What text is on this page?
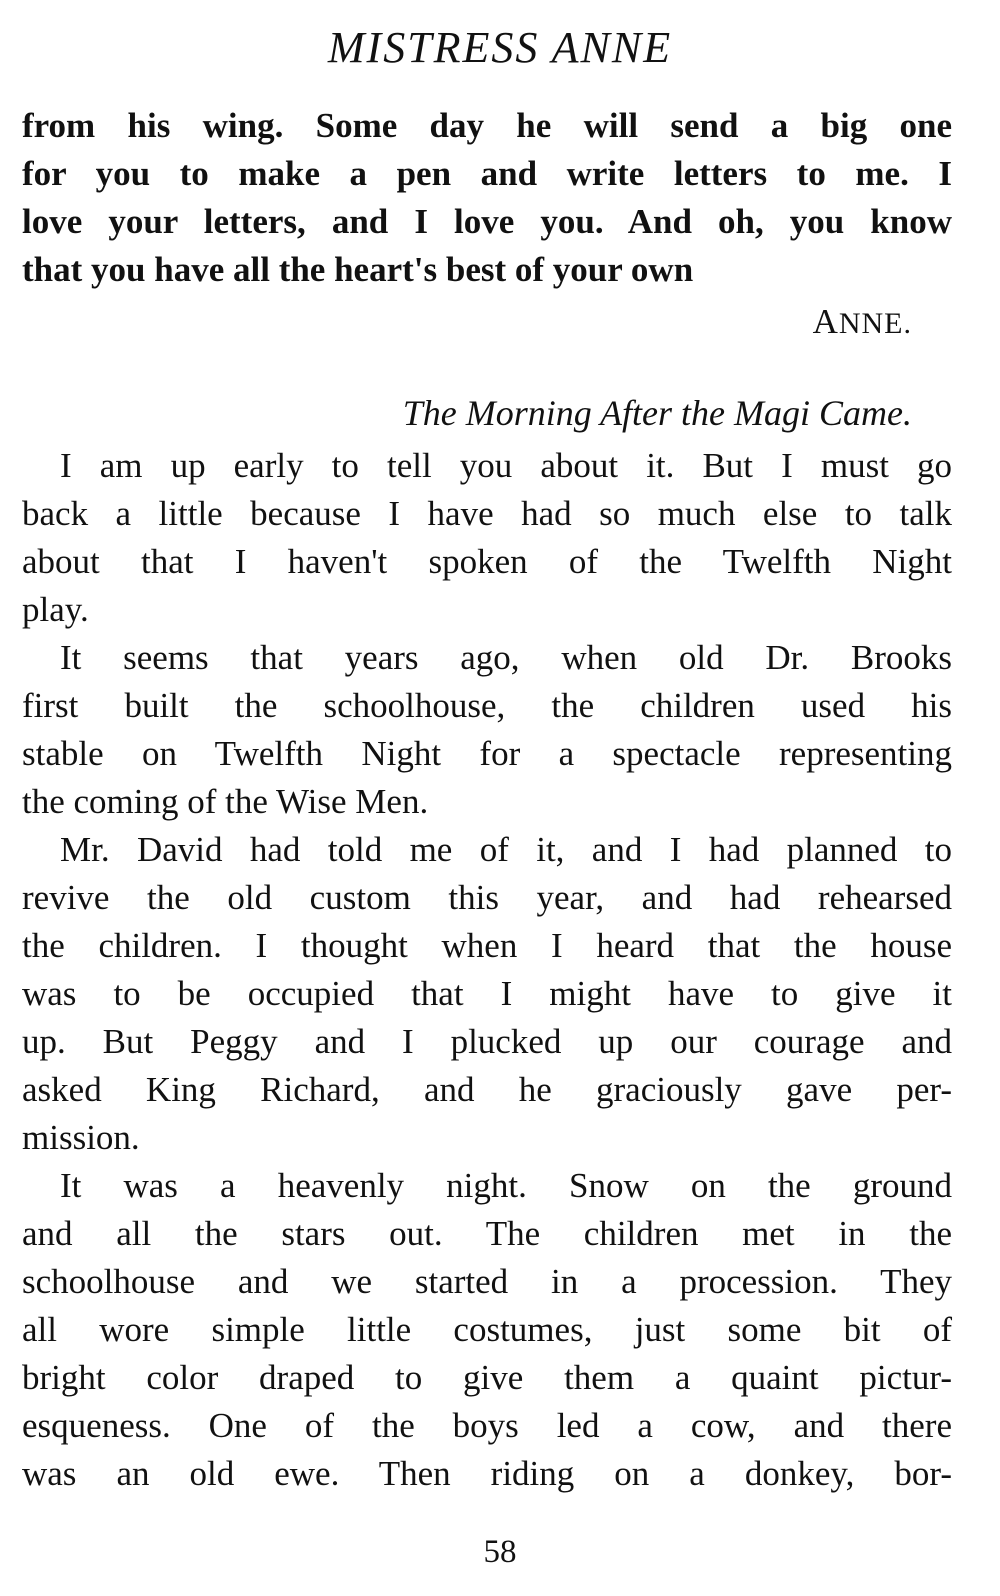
MISTRESS ANNE
from his wing. Some day he will send a big one
for you to make a pen and write letters to me. I
love your letters, and I love you. And oh, you know
that you have all the heart's best of your own
ANNE.
The Morning After the Magi Came.
I am up early to tell you about it. But I must go
back a little because I have had so much else to talk
about that I haven't spoken of the Twelfth Night
play.
It seems that years ago, when old Dr. Brooks
first built the schoolhouse, the children used his
stable on Twelfth Night for a spectacle representing
the coming of the Wise Men.
Mr. David had told me of it, and I had planned to
revive the old custom this year, and had rehearsed
the children. I thought when I heard that the house
was to be occupied that I might have to give it
up. But Peggy and I plucked up our courage and
asked King Richard, and he graciously gave per-
mission.
It was a heavenly night. Snow on the ground
and all the stars out. The children met in the
schoolhouse and we started in a procession. They
all wore simple little costumes, just some bit of
bright color draped to give them a quaint pictur-
esqueness. One of the boys led a cow, and there
was an old ewe. Then riding on a donkey, bor-
58
